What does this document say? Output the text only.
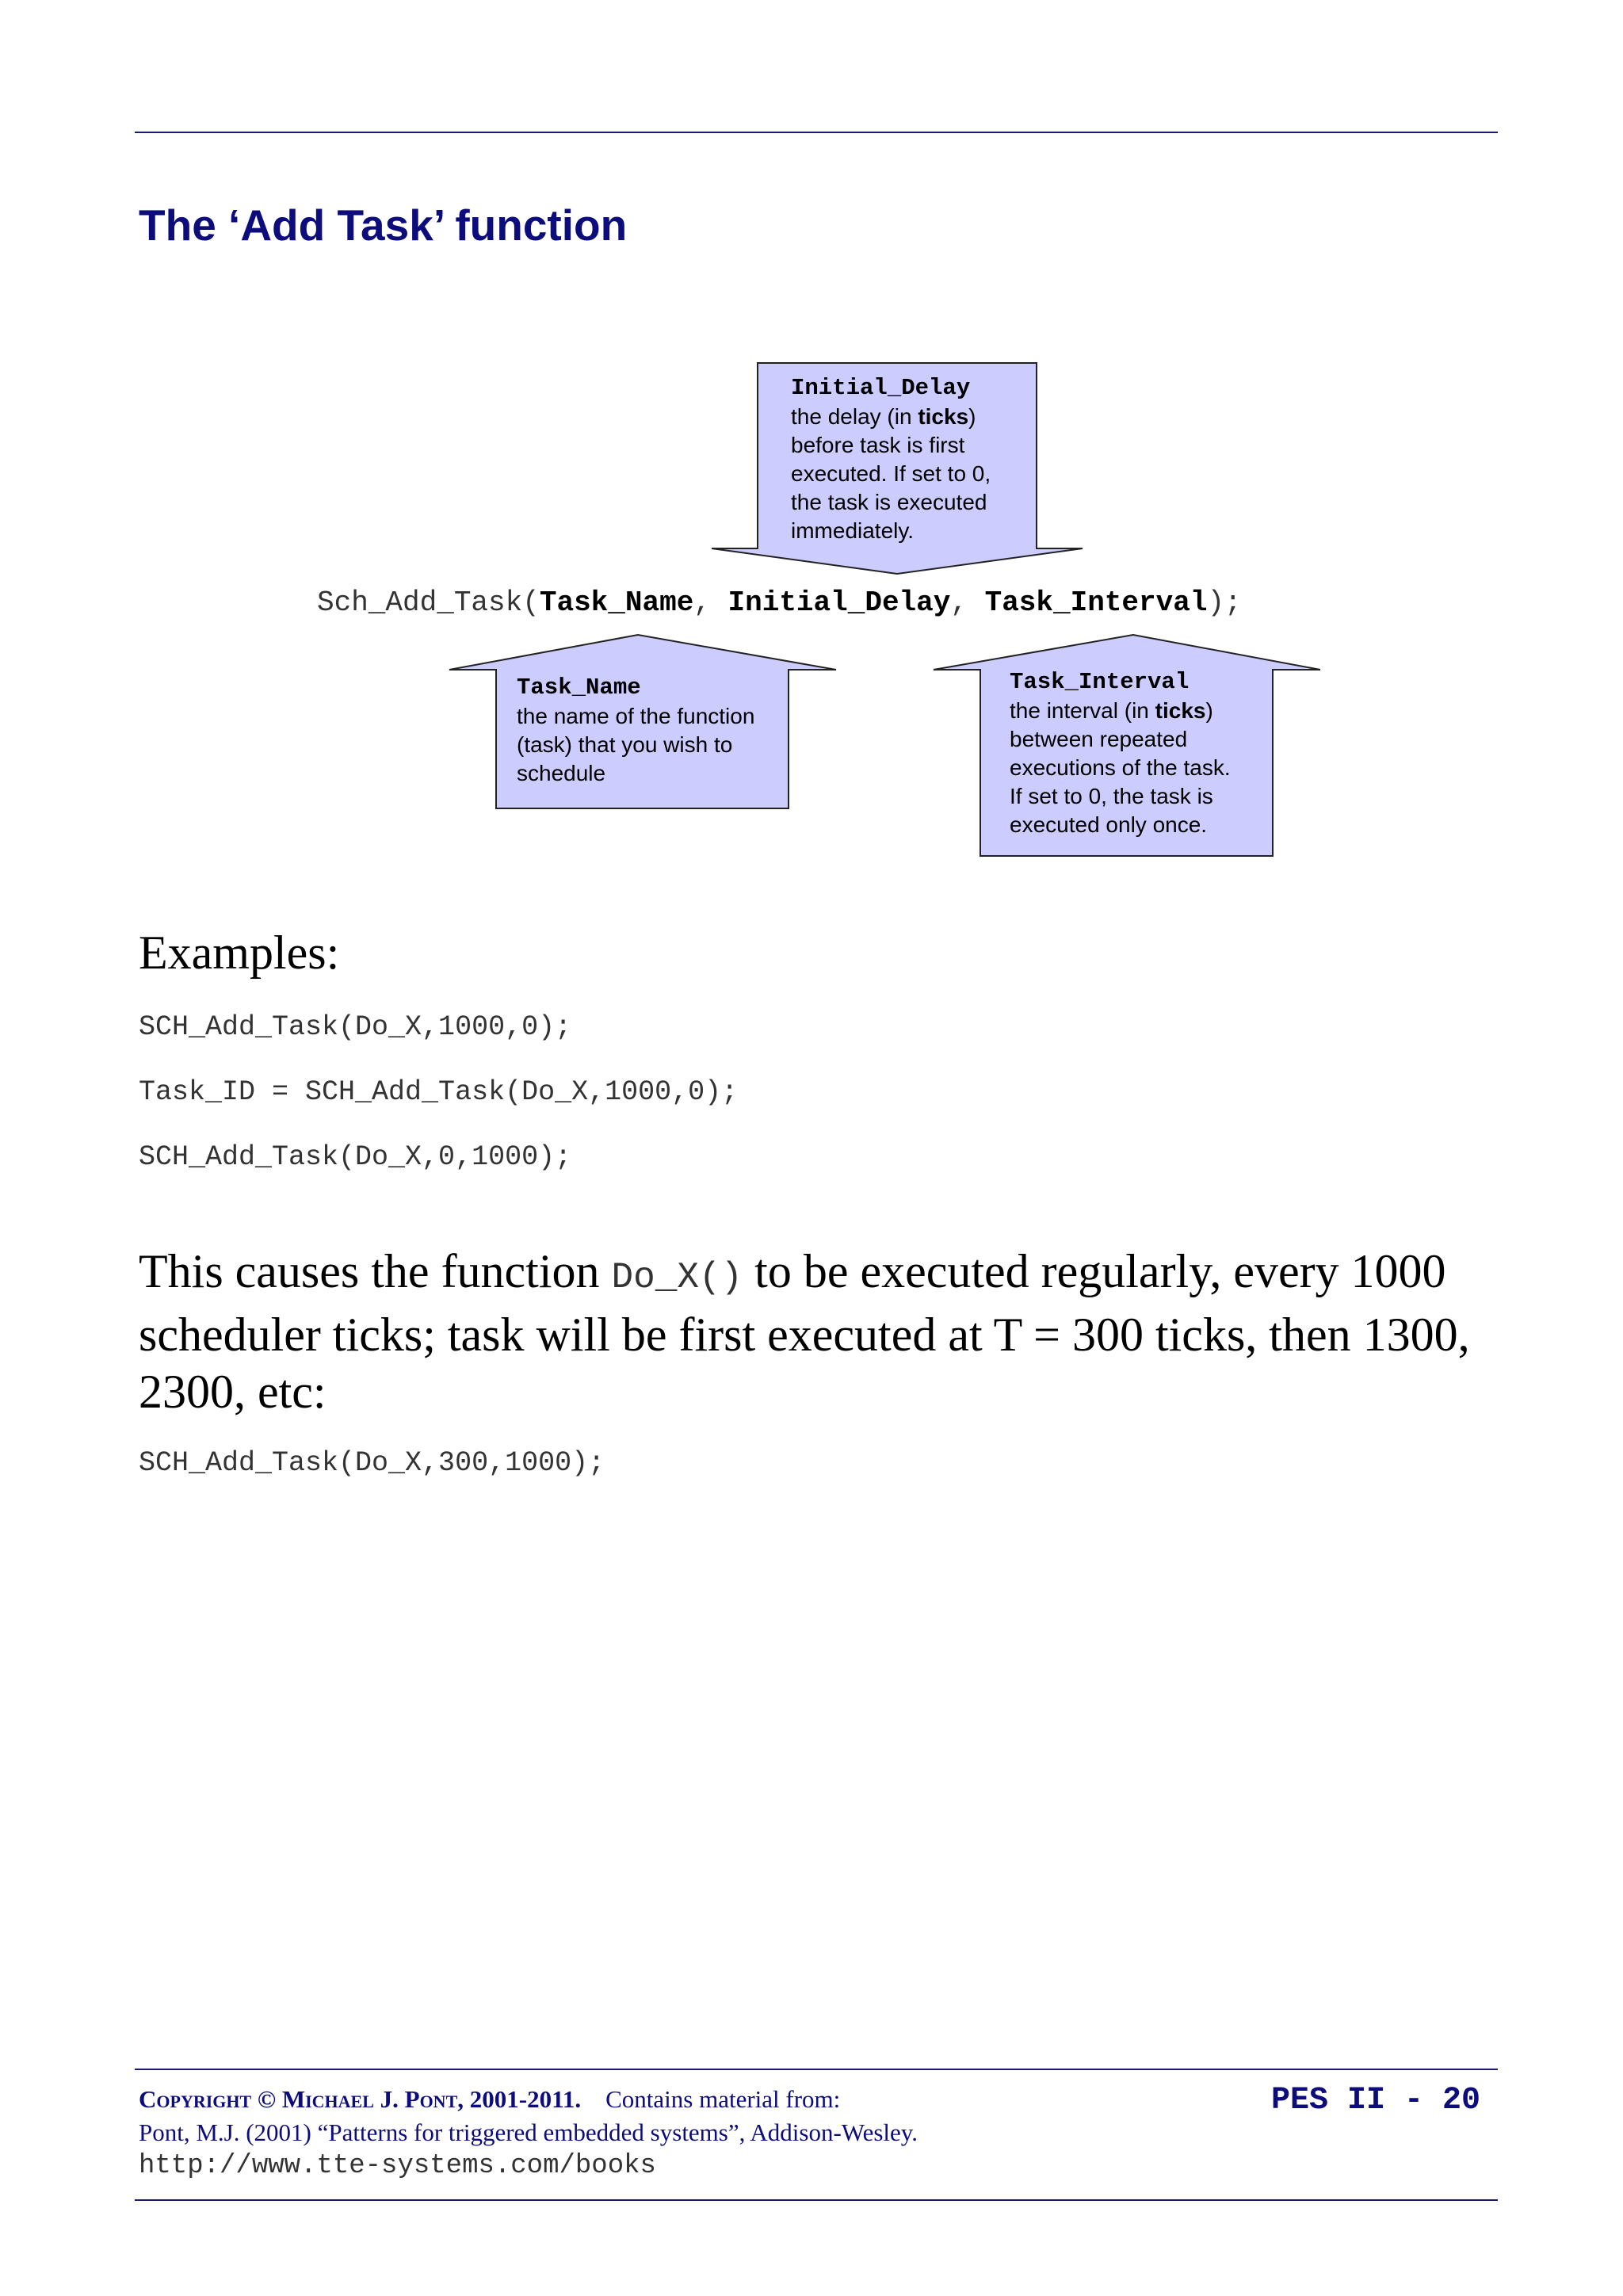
The ‘Add Task’ function
Initial_Delay
the delay (in ticks)
before task is first
executed. If set to 0,
the task is executed
immediately.
Sch_Add_Task(Task_Name, Initial_Delay, Task_Interval);
Task_Name
the name of the function
(task) that you wish to
schedule
Task_Interval
the interval (in ticks)
between repeated
executions of the task.
If set to 0, the task is
executed only once.
Examples:
SCH_Add_Task(Do_X,1000,0);
Task_ID = SCH_Add_Task(Do_X,1000,0);
SCH_Add_Task(Do_X,0,1000);

This causes the function Do_X() to be executed regularly, every 1000 scheduler ticks; task will be first executed at T = 300 ticks, then 1300, 2300, etc:

SCH_Add_Task(Do_X,300,1000);
Copyright © Michael J. Pont, 2001-2011. Contains material from:
Pont, M.J. (2001) “Patterns for triggered embedded systems”, Addison-Wesley.
http://www.tte-systems.com/books
PES II - 20
